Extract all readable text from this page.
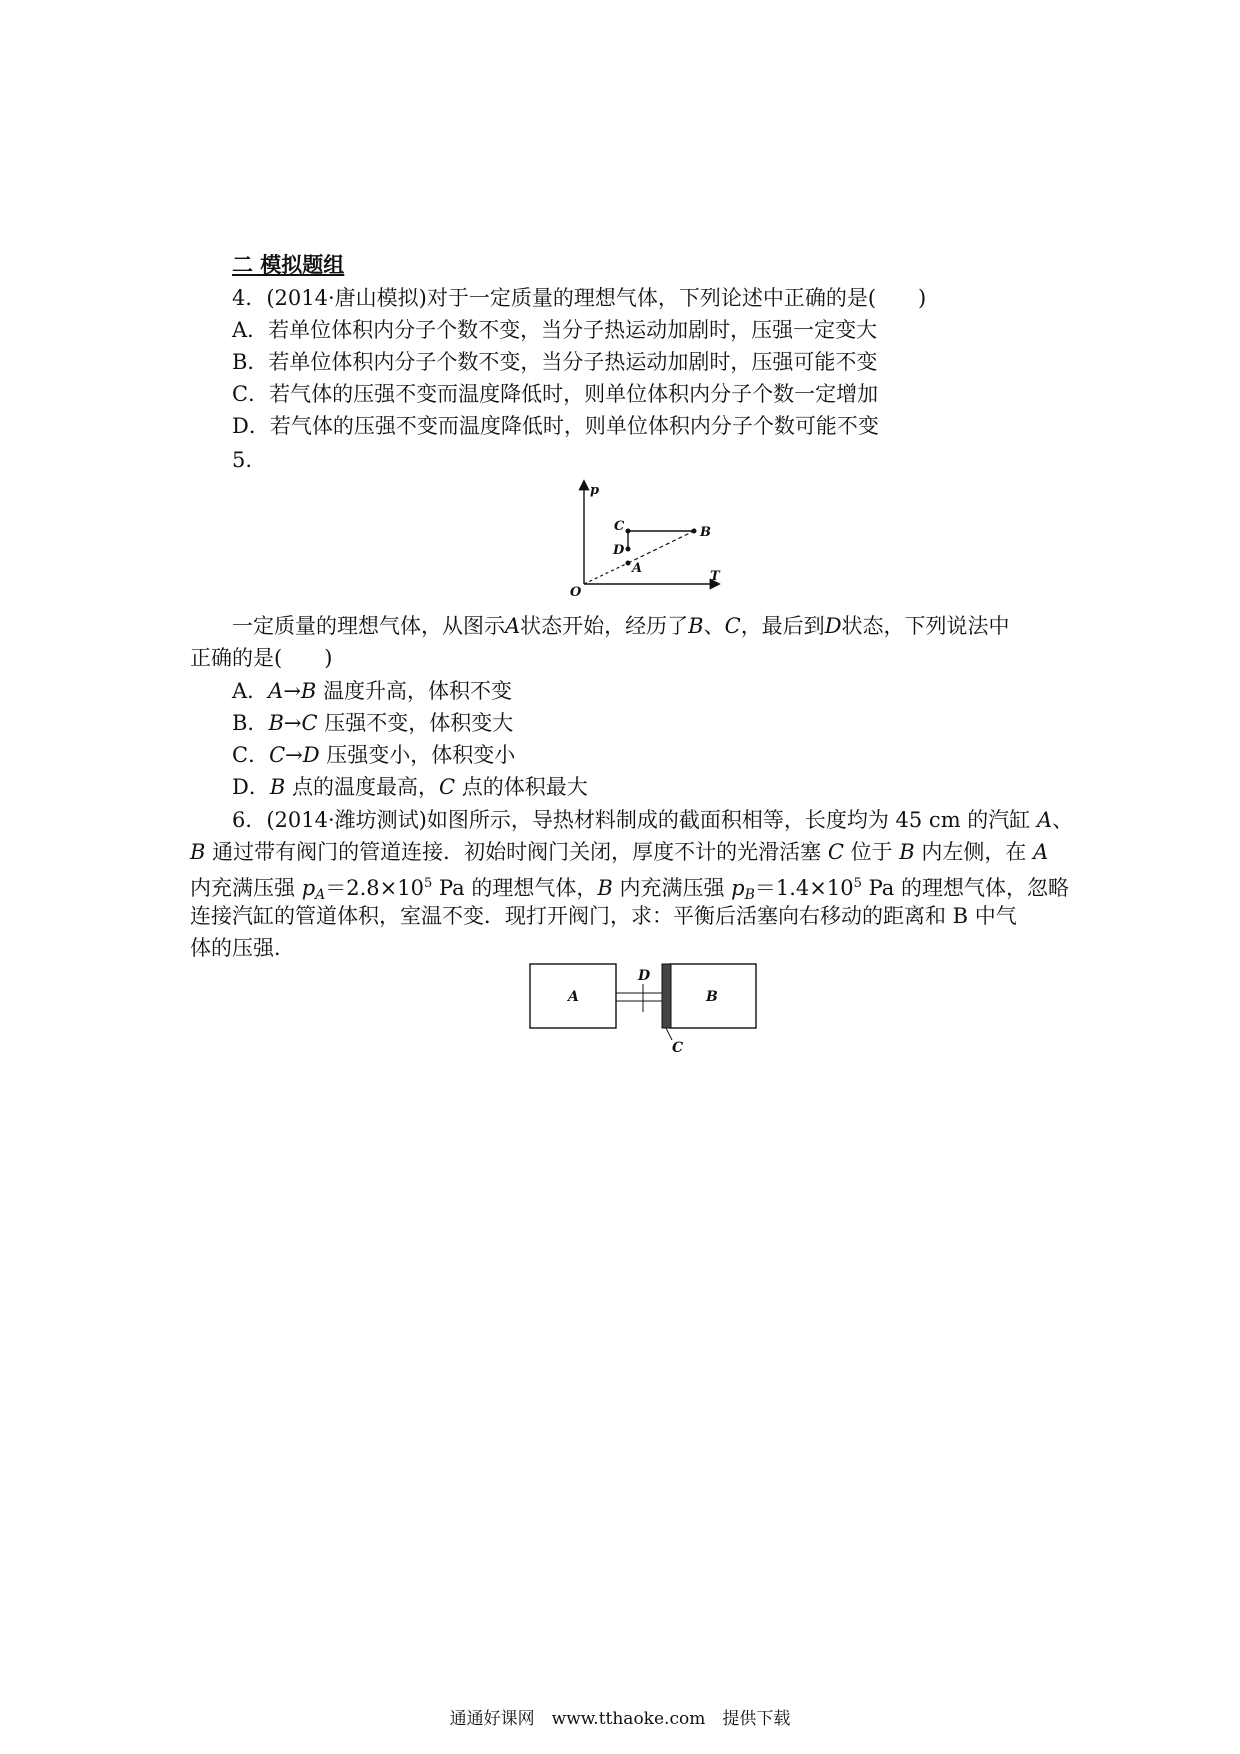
二 模拟题组
4．(2014·唐山模拟)对于一定质量的理想气体，下列论述中正确的是(　　)
A．若单位体积内分子个数不变，当分子热运动加剧时，压强一定变大
B．若单位体积内分子个数不变，当分子热运动加剧时，压强可能不变
C．若气体的压强不变而温度降低时，则单位体积内分子个数一定增加
D．若气体的压强不变而温度降低时，则单位体积内分子个数可能不变
5.
p
T
O
B
C
D
A
一定质量的理想气体，从图示A状态开始，经历了B、C，最后到D状态，下列说法中
正确的是(　　)
A．A→B 温度升高，体积不变
B．B→C 压强不变，体积变大
C．C→D 压强变小，体积变小
D．B 点的温度最高，C 点的体积最大
6．(2014·潍坊测试)如图所示，导热材料制成的截面积相等，长度均为 45 cm 的汽缸 A、
B 通过带有阀门的管道连接．初始时阀门关闭，厚度不计的光滑活塞 C 位于 B 内左侧，在 A
内充满压强 $p_A=2.8\times 10^5$ Pa 的理想气体，B 内充满压强 $p_B=1.4\times 10^5$ Pa 的理想气体，忽略
连接汽缸的管道体积，室温不变．现打开阀门，求：平衡后活塞向右移动的距离和 B 中气
体的压强．
A	B
D
C
通通好课网　www.tthaoke.com　提供下载
